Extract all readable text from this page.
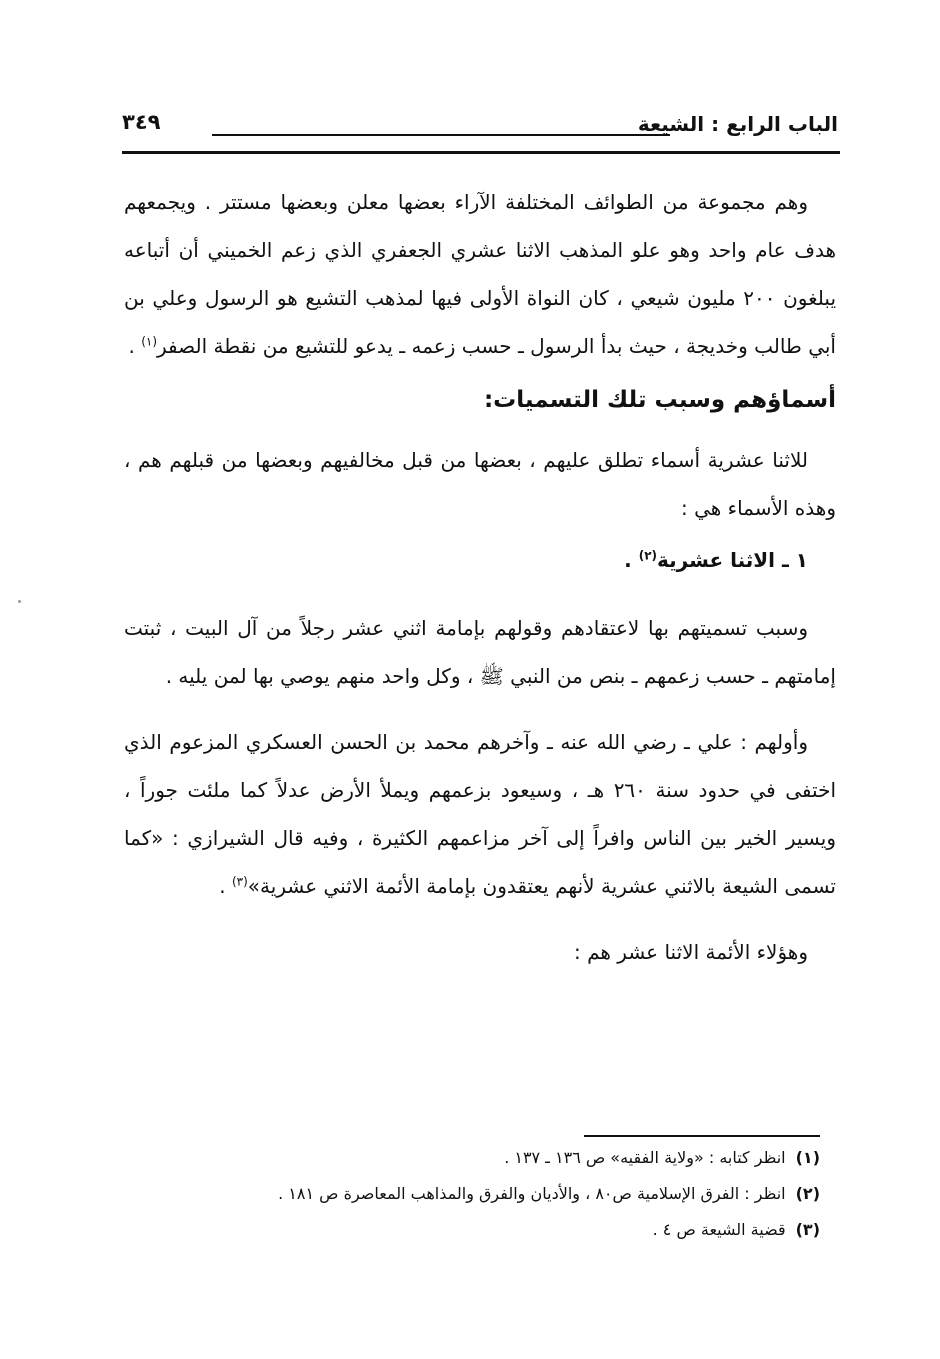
الباب الرابع : الشيعة
٣٤٩

وهم مجموعة من الطوائف المختلفة الآراء بعضها معلن وبعضها مستتر . ويجمعهم هدف عام واحد وهو علو المذهب الاثنا عشري الجعفري الذي زعم الخميني أن أتباعه يبلغون ٢٠٠ مليون شيعي ، كان النواة الأولى فيها لمذهب التشيع هو الرسول وعلي بن أبي طالب وخديجة ، حيث بدأ الرسول ـ حسب زعمه ـ يدعو للتشيع من نقطة الصفر$^{(١)}$ .

أسماؤهم وسبب تلك التسميات:

للاثنا عشرية أسماء تطلق عليهم ، بعضها من قبل مخالفيهم وبعضها من قبلهم هم ، وهذه الأسماء هي :

١ ـ الاثنا عشرية$^{(٢)}$ .

وسبب تسميتهم بها لاعتقادهم وقولهم بإمامة اثني عشر رجلاً من آل البيت ، ثبتت إمامتهم ـ حسب زعمهم ـ بنص من النبي ﷺ ، وكل واحد منهم يوصي بها لمن يليه .

وأولهم : علي ـ رضي الله عنه ـ وآخرهم محمد بن الحسن العسكري المزعوم الذي اختفى في حدود سنة ٢٦٠ هـ ، وسيعود بزعمهم ويملأ الأرض عدلاً كما ملئت جوراً ، ويسير الخير بين الناس وافراً إلى آخر مزاعمهم الكثيرة ، وفيه قال الشيرازي : «كما تسمى الشيعة بالاثني عشرية لأنهم يعتقدون بإمامة الأئمة الاثني عشرية»$^{(٣)}$ .

وهؤلاء الأئمة الاثنا عشر هم :

(١)انظر كتابه : «ولاية الفقيه» ص ١٣٦ ـ ١٣٧ .
(٢)انظر : الفرق الإسلامية ص٨٠ ، والأديان والفرق والمذاهب المعاصرة ص ١٨١ .
(٣)قضية الشيعة ص ٤ .
